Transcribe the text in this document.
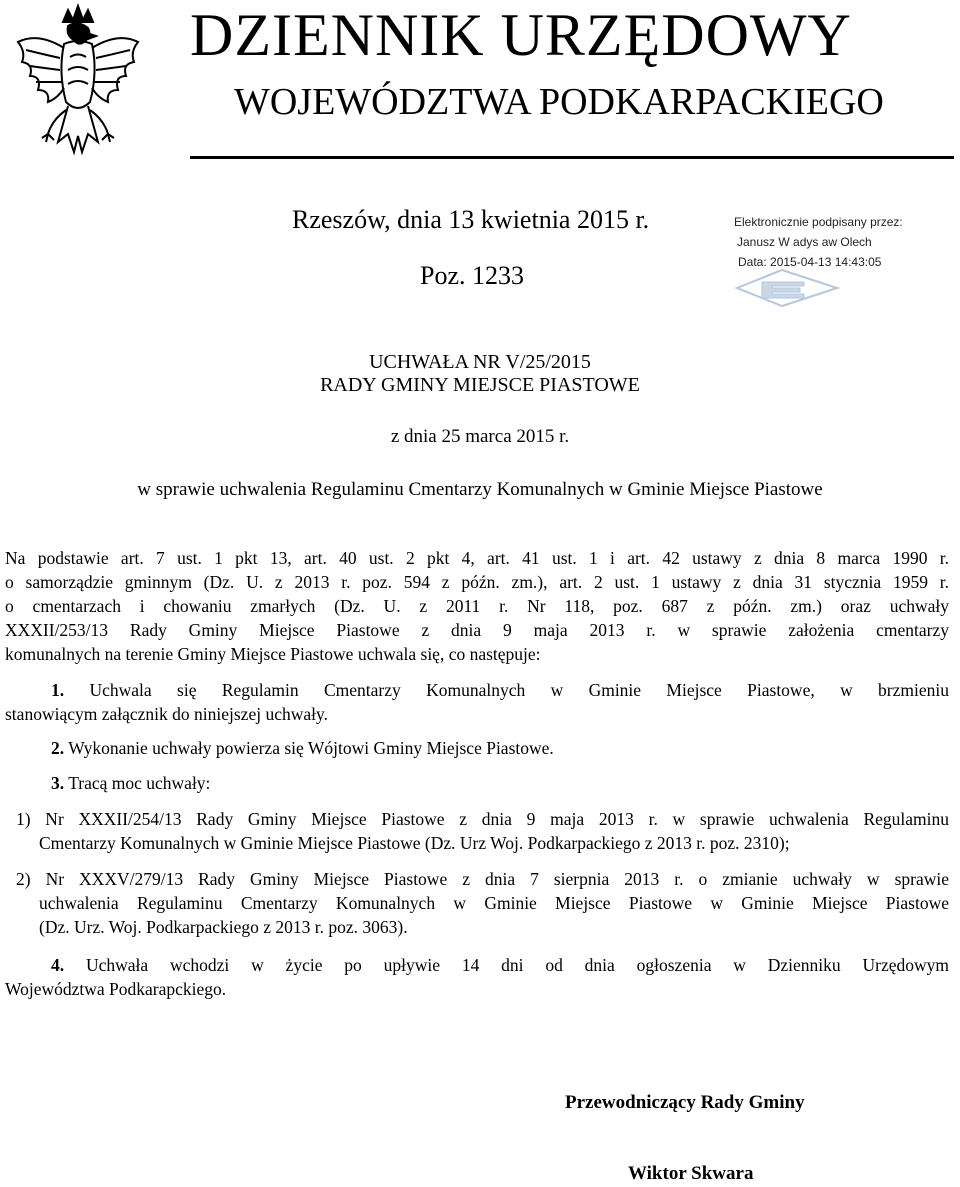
DZIENNIK URZĘDOWY
WOJEWÓDZTWA PODKARPACKIEGO
Rzeszów, dnia 13 kwietnia 2015 r.
Poz. 1233
Elektronicznie podpisany przez:
Janusz W adys aw Olech
Data: 2015-04-13 14:43:05
UCHWAŁA NR V/25/2015
RADY GMINY MIEJSCE PIASTOWE
z dnia 25 marca 2015 r.
w sprawie uchwalenia Regulaminu Cmentarzy Komunalnych w Gminie Miejsce Piastowe
Na podstawie art. 7 ust. 1 pkt 13, art. 40 ust. 2 pkt 4, art. 41 ust. 1 i art. 42 ustawy z dnia 8 marca 1990 r.
o samorządzie gminnym (Dz. U. z 2013 r. poz. 594 z późn. zm.), art. 2 ust. 1 ustawy z dnia 31 stycznia 1959 r.
o cmentarzach i chowaniu zmarłych (Dz. U. z 2011 r. Nr 118, poz. 687 z późn. zm.) oraz uchwały
XXXII/253/13 Rady Gminy Miejsce Piastowe z dnia 9 maja 2013 r. w sprawie założenia cmentarzy
komunalnych na terenie Gminy Miejsce Piastowe uchwala się, co następuje:
1. Uchwala się Regulamin Cmentarzy Komunalnych w Gminie Miejsce Piastowe, w brzmieniu
stanowiącym załącznik do niniejszej uchwały.
2. Wykonanie uchwały powierza się Wójtowi Gminy Miejsce Piastowe.
3. Tracą moc uchwały:
1) Nr XXXII/254/13 Rady Gminy Miejsce Piastowe z dnia 9 maja 2013 r. w sprawie uchwalenia Regulaminu
Cmentarzy Komunalnych w Gminie Miejsce Piastowe (Dz. Urz Woj. Podkarpackiego z 2013 r. poz. 2310);
2) Nr XXXV/279/13 Rady Gminy Miejsce Piastowe z dnia 7 sierpnia 2013 r. o zmianie uchwały w sprawie
uchwalenia Regulaminu Cmentarzy Komunalnych w Gminie Miejsce Piastowe w Gminie Miejsce Piastowe
(Dz. Urz. Woj. Podkarpackiego z 2013 r. poz. 3063).
4. Uchwała wchodzi w życie po upływie 14 dni od dnia ogłoszenia w Dzienniku Urzędowym
Województwa Podkarapckiego.
Przewodniczący Rady Gminy
Wiktor Skwara
